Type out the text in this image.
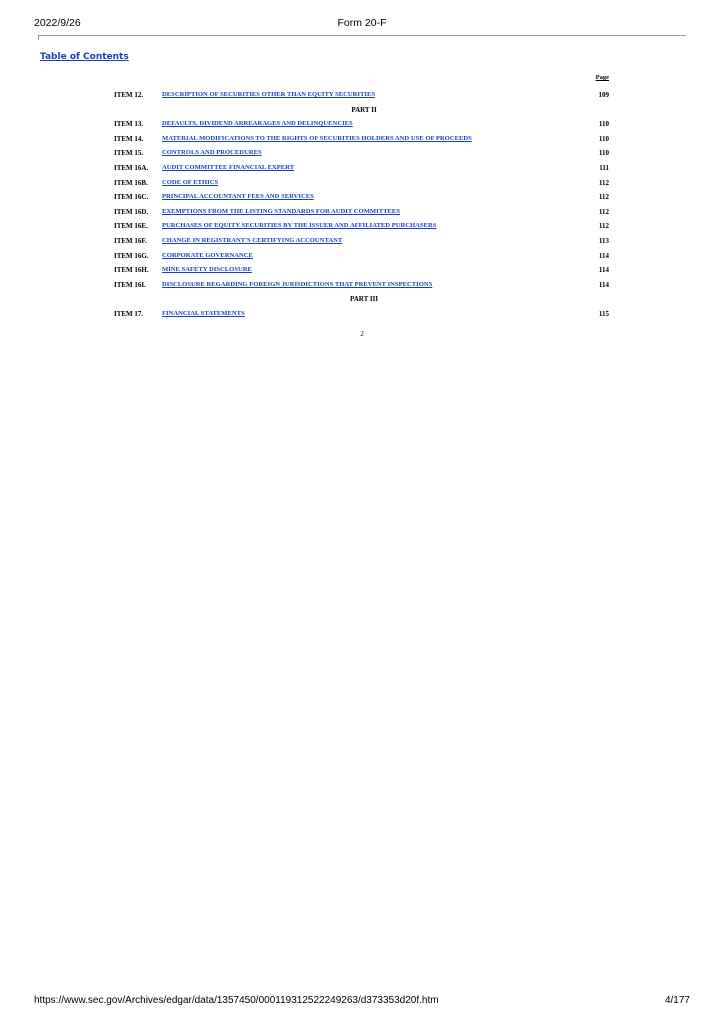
2022/9/26	Form 20-F
Table of Contents
Page
ITEM 12.	DESCRIPTION OF SECURITIES OTHER THAN EQUITY SECURITIES	109
PART II
ITEM 13.	DEFAULTS, DIVIDEND ARREARAGES AND DELINQUENCIES	110
ITEM 14.	MATERIAL MODIFICATIONS TO THE RIGHTS OF SECURITIES HOLDERS AND USE OF PROCEEDS	110
ITEM 15.	CONTROLS AND PROCEDURES	110
ITEM 16A. AUDIT COMMITTEE FINANCIAL EXPERT	111
ITEM 16B. CODE OF ETHICS	112
ITEM 16C. PRINCIPAL ACCOUNTANT FEES AND SERVICES	112
ITEM 16D. EXEMPTIONS FROM THE LISTING STANDARDS FOR AUDIT COMMITTEES	112
ITEM 16E. PURCHASES OF EQUITY SECURITIES BY THE ISSUER AND AFFILIATED PURCHASERS	112
ITEM 16F. CHANGE IN REGISTRANT'S CERTIFYING ACCOUNTANT	113
ITEM 16G. CORPORATE GOVERNANCE	114
ITEM 16H. MINE SAFETY DISCLOSURE	114
ITEM 16I. DISCLOSURE REGARDING FOREIGN JURISDICTIONS THAT PREVENT INSPECTIONS	114
PART III
ITEM 17.	FINANCIAL STATEMENTS	115
2
https://www.sec.gov/Archives/edgar/data/1357450/000119312522249263/d373353d20f.htm	4/177
